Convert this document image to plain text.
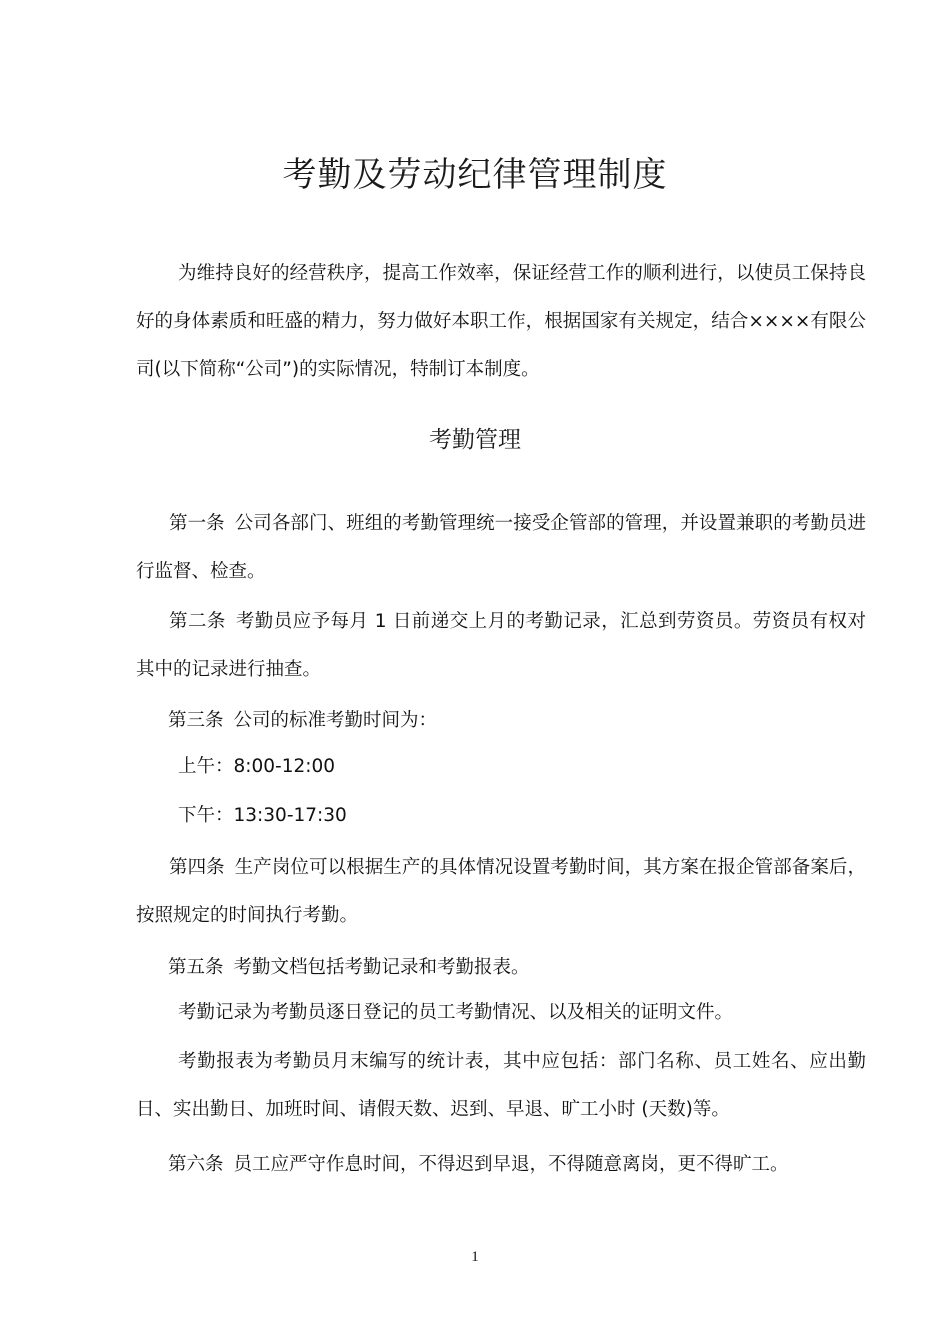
考勤及劳动纪律管理制度

为维持良好的经营秩序，提高工作效率，保证经营工作的顺利进行，以使员工保持良好的身体素质和旺盛的精力，努力做好本职工作，根据国家有关规定，结合××××有限公司(以下简称“公司”)的实际情况，特制订本制度。

考勤管理

第一条 公司各部门、班组的考勤管理统一接受企管部的管理，并设置兼职的考勤员进行监督、检查。

第二条 考勤员应予每月 1 日前递交上月的考勤记录，汇总到劳资员。劳资员有权对其中的记录进行抽查。

第三条 公司的标准考勤时间为：
上午：8:00-12:00
下午：13:30-17:30

第四条 生产岗位可以根据生产的具体情况设置考勤时间，其方案在报企管部备案后，按照规定的时间执行考勤。

第五条 考勤文档包括考勤记录和考勤报表。
考勤记录为考勤员逐日登记的员工考勤情况、以及相关的证明文件。

考勤报表为考勤员月末编写的统计表，其中应包括：部门名称、员工姓名、应出勤日、实出勤日、加班时间、请假天数、迟到、早退、旷工小时 (天数)等。

第六条 员工应严守作息时间，不得迟到早退，不得随意离岗，更不得旷工。
1
